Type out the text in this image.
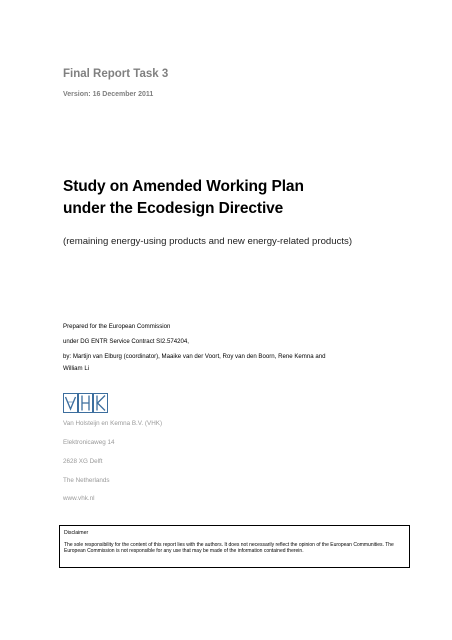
Final Report Task 3
Version: 16 December 2011
Study on Amended Working Plan
under the Ecodesign Directive
(remaining energy-using products and new energy-related products)
Prepared for the European Commission
under DG ENTR Service Contract SI2.574204,
by: Martijn van Elburg (coordinator), Maaike van der Voort, Roy van den Boorn, Rene Kemna and
William Li
Van Holsteijn en Kemna B.V. (VHK)
Elektronicaweg 14
2628 XG Delft
The Netherlands
www.vhk.nl
Disclaimer
The sole responsibility for the content of this report lies with the authors. It does not necessarily reflect the opinion of the European Communities. The European Commission is not responsible for any use that may be made of the information contained therein.
